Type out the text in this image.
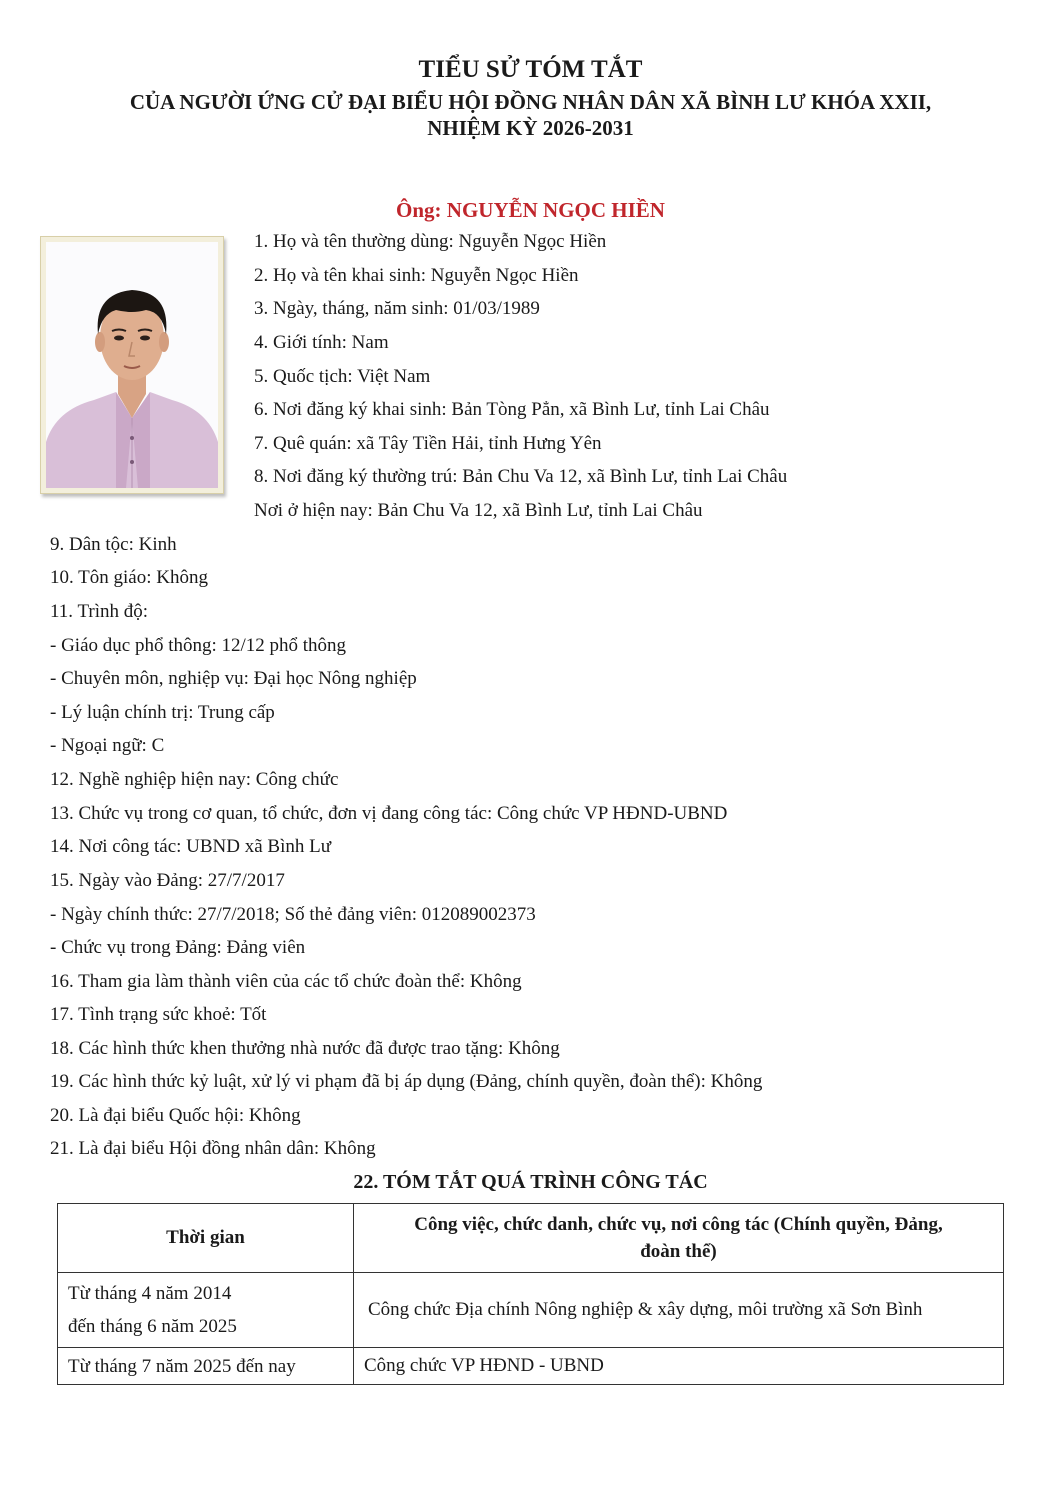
TIỂU SỬ TÓM TẮT
CỦA NGƯỜI ỨNG CỬ ĐẠI BIỂU HỘI ĐỒNG NHÂN DÂN XÃ BÌNH LƯ KHÓA XXII,
NHIỆM KỲ 2026-2031
Ông: NGUYỄN NGỌC HIỀN
1. Họ và tên thường dùng: Nguyễn Ngọc Hiền
2. Họ và tên khai sinh: Nguyễn Ngọc Hiền
3. Ngày, tháng, năm sinh: 01/03/1989
4. Giới tính: Nam
5. Quốc tịch: Việt Nam
6. Nơi đăng ký khai sinh: Bản Tòng Pẳn, xã Bình Lư, tỉnh Lai Châu
7. Quê quán: xã Tây Tiền Hải, tỉnh Hưng Yên
8. Nơi đăng ký thường trú: Bản Chu Va 12, xã Bình Lư, tỉnh Lai Châu
Nơi ở hiện nay: Bản Chu Va 12, xã Bình Lư, tỉnh Lai Châu
9. Dân tộc: Kinh
10. Tôn giáo: Không
11. Trình độ:
- Giáo dục phổ thông: 12/12 phổ thông
- Chuyên môn, nghiệp vụ: Đại học Nông nghiệp
- Lý luận chính trị: Trung cấp
- Ngoại ngữ: C
12. Nghề nghiệp hiện nay: Công chức
13. Chức vụ trong cơ quan, tổ chức, đơn vị đang công tác: Công chức VP HĐND-UBND
14. Nơi công tác: UBND xã Bình Lư
15. Ngày vào Đảng: 27/7/2017
- Ngày chính thức: 27/7/2018; Số thẻ đảng viên: 012089002373
- Chức vụ trong Đảng: Đảng viên
16. Tham gia làm thành viên của các tổ chức đoàn thể: Không
17. Tình trạng sức khoẻ: Tốt
18. Các hình thức khen thưởng nhà nước đã được trao tặng: Không
19. Các hình thức kỷ luật, xử lý vi phạm đã bị áp dụng (Đảng, chính quyền, đoàn thể): Không
20. Là đại biểu Quốc hội: Không
21. Là đại biểu Hội đồng nhân dân: Không
22. TÓM TẮT QUÁ TRÌNH CÔNG TÁC
Thời gian	Công việc, chức danh, chức vụ, nơi công tác (Chính quyền, Đảng,
đoàn thể)

Từ tháng 4 năm 2014
đến tháng 6 năm 2025	Công chức Địa chính Nông nghiệp & xây dựng, môi trường xã Sơn Bình
Từ tháng 7 năm 2025 đến nay	Công chức VP HĐND - UBND
